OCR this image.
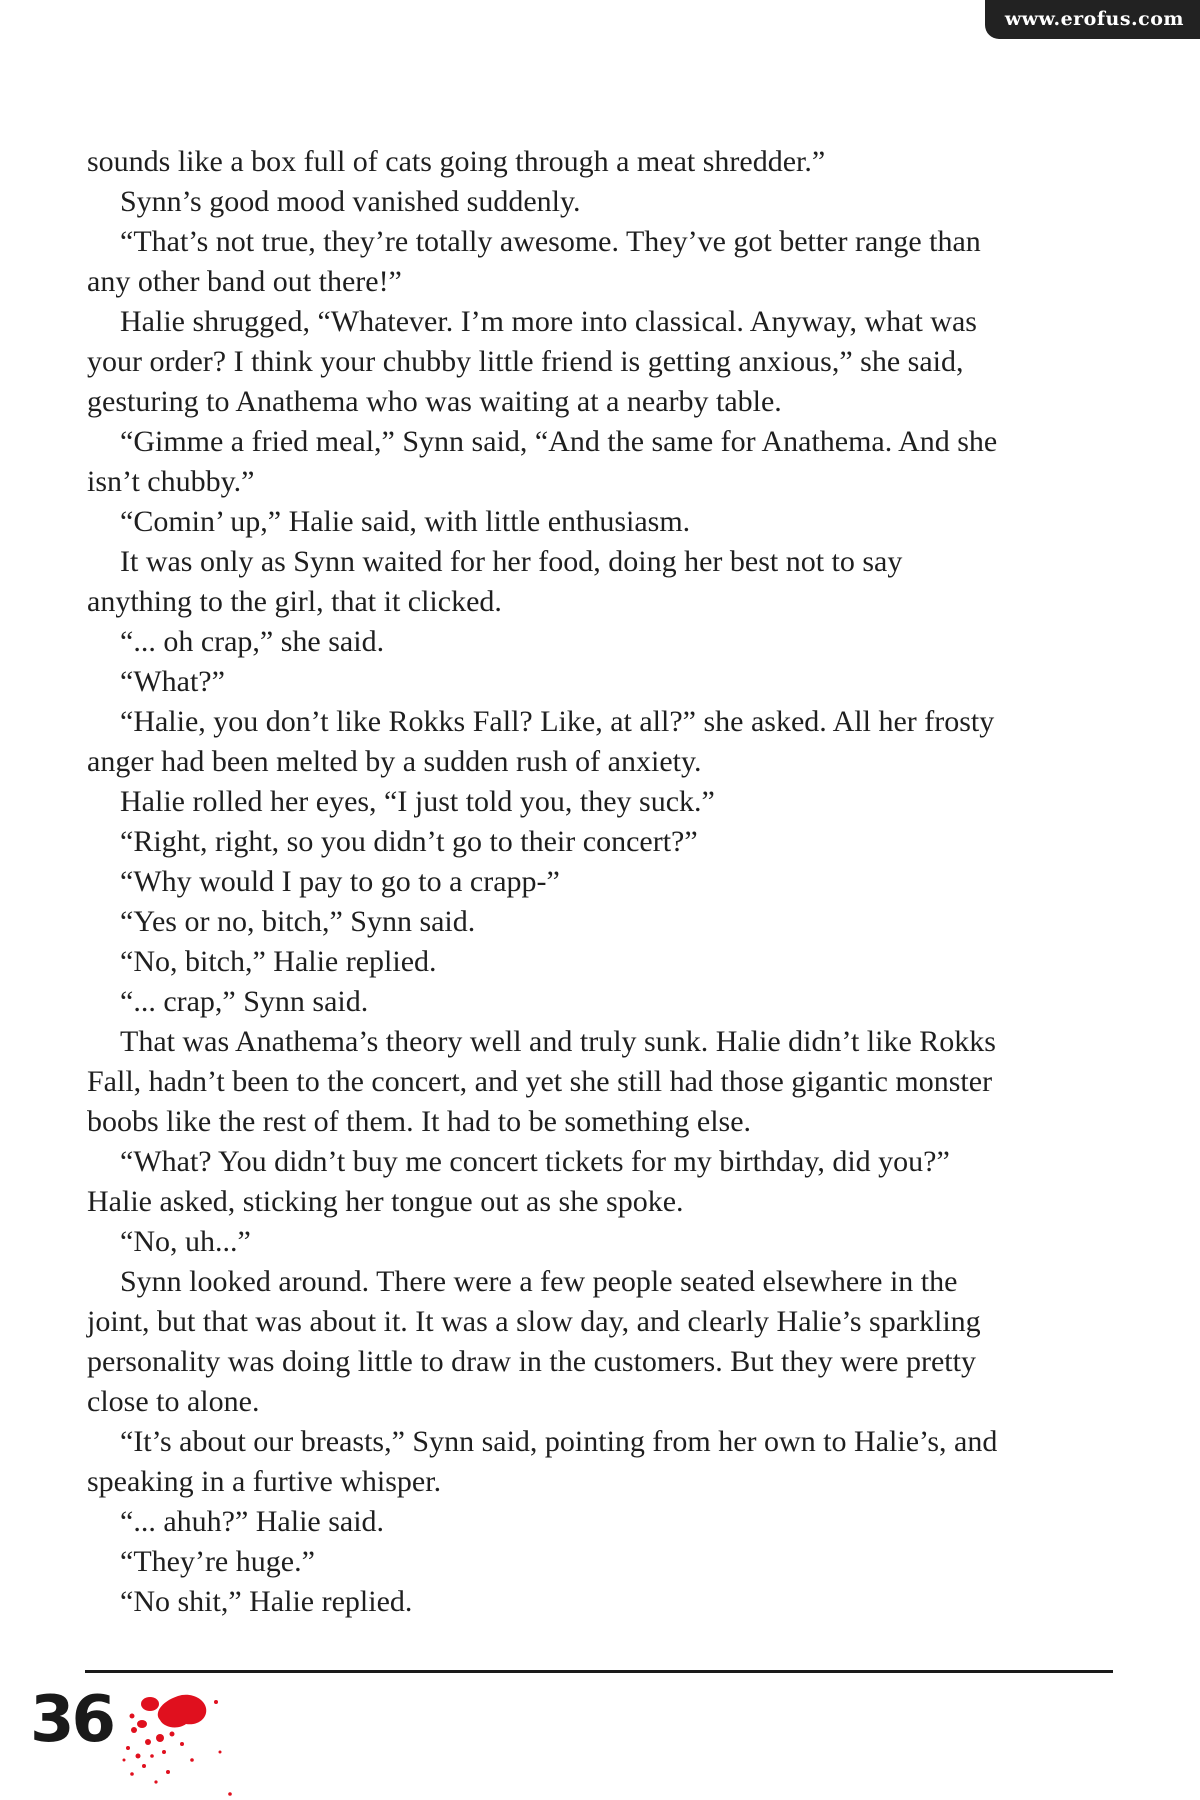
www.erofus.com

sounds like a box full of cats going through a meat shredder.”

Synn’s good mood vanished suddenly.

“That’s not true, they’re totally awesome. They’ve got better range than

any other band out there!”

Halie shrugged, “Whatever. I’m more into classical. Anyway, what was

your order? I think your chubby little friend is getting anxious,” she said,

gesturing to Anathema who was waiting at a nearby table.

“Gimme a fried meal,” Synn said, “And the same for Anathema. And she

isn’t chubby.”

“Comin’ up,” Halie said, with little enthusiasm.

It was only as Synn waited for her food, doing her best not to say

anything to the girl, that it clicked.

“... oh crap,” she said.

“What?”

“Halie, you don’t like Rokks Fall? Like, at all?” she asked. All her frosty

anger had been melted by a sudden rush of anxiety.

Halie rolled her eyes, “I just told you, they suck.”

“Right, right, so you didn’t go to their concert?”

“Why would I pay to go to a crapp-”

“Yes or no, bitch,” Synn said.

“No, bitch,” Halie replied.

“... crap,” Synn said.

That was Anathema’s theory well and truly sunk. Halie didn’t like Rokks

Fall, hadn’t been to the concert, and yet she still had those gigantic monster

boobs like the rest of them. It had to be something else.

“What? You didn’t buy me concert tickets for my birthday, did you?”

Halie asked, sticking her tongue out as she spoke.

“No, uh...”

Synn looked around. There were a few people seated elsewhere in the

joint, but that was about it. It was a slow day, and clearly Halie’s sparkling

personality was doing little to draw in the customers. But they were pretty

close to alone.

“It’s about our breasts,” Synn said, pointing from her own to Halie’s, and

speaking in a furtive whisper.

“... ahuh?” Halie said.

“They’re huge.”

“No shit,” Halie replied.

36
